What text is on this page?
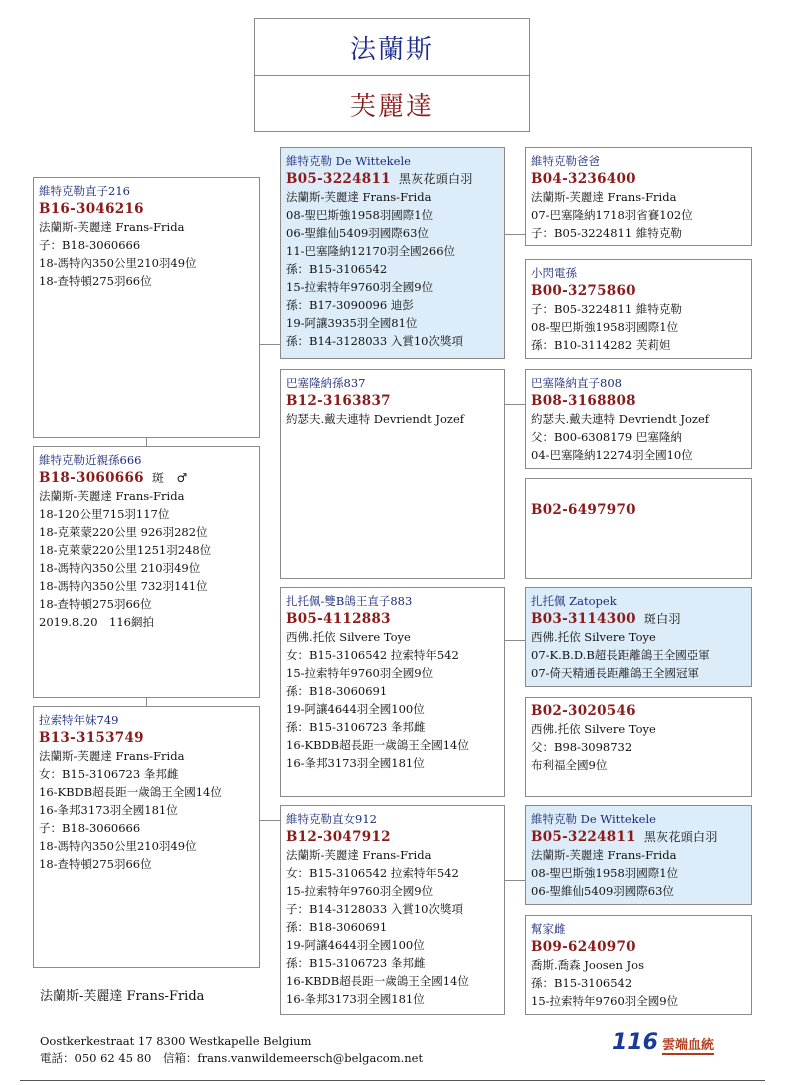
法蘭斯
芙麗達
維特克勒直子216
B16-3046216
法蘭斯-芙麗達 Frans-Frida
子：B18-3060666
18-馮特內350公里210羽49位
18-查特頓275羽66位
維特克勒近親孫666
B18-3060666 斑　♂
法蘭斯-芙麗達 Frans-Frida
18-120公里715羽117位
18-克萊蒙220公里 926羽282位
18-克萊蒙220公里1251羽248位
18-馮特內350公里 210羽49位
18-馮特內350公里 732羽141位
18-查特頓275羽66位
2019.8.20　116網拍
拉索特年妹749
B13-3153749
法蘭斯-芙麗達 Frans-Frida
女：B15-3106723 夆邦雌
16-KBDB超長距一歲鴿王全國14位
16-夆邦3173羽全國181位
子：B18-3060666
18-馮特內350公里210羽49位
18-查特頓275羽66位
維特克勒 De Wittekele
B05-3224811 黑灰花頭白羽
法蘭斯-芙麗達 Frans-Frida
08-聖巴斯強1958羽國際1位
06-聖維仙5409羽國際63位
11-巴塞隆納12170羽全國266位
孫：B15-3106542
15-拉索特年9760羽全國9位
孫：B17-3090096 迪彭
19-阿讓3935羽全國81位
孫：B14-3128033 入賞10次獎項
巴塞隆納孫837
B12-3163837
約瑟夫.戴夫連特 Devriendt Jozef
扎托佩-雙B鴿王直子883
B05-4112883
西佛.托依 Silvere Toye
女：B15-3106542 拉索特年542
15-拉索特年9760羽全國9位
孫：B18-3060691
19-阿讓4644羽全國100位
孫：B15-3106723 夆邦雌
16-KBDB超長距一歲鴿王全國14位
16-夆邦3173羽全國181位
維特克勒直女912
B12-3047912
法蘭斯-芙麗達 Frans-Frida
女：B15-3106542 拉索特年542
15-拉索特年9760羽全國9位
子：B14-3128033 入賞10次獎項
孫：B18-3060691
19-阿讓4644羽全國100位
孫：B15-3106723 夆邦雌
16-KBDB超長距一歲鴿王全國14位
16-夆邦3173羽全國181位
維特克勒爸爸
B04-3236400
法蘭斯-芙麗達 Frans-Frida
07-巴塞隆納1718羽省賽102位
子：B05-3224811 維特克勒
小閃電孫
B00-3275860
子：B05-3224811 維特克勒
08-聖巴斯強1958羽國際1位
孫：B10-3114282 芙莉妲
巴塞隆納直子808
B08-3168808
約瑟夫.戴夫連特 Devriendt Jozef
父：B00-6308179 巴塞隆納
04-巴塞隆納12274羽全國10位
B02-6497970
扎托佩 Zatopek
B03-3114300 斑白羽
西佛.托依 Silvere Toye
07-K.B.D.B超長距離鴿王全國亞軍
07-倚天精通長距離鴿王全國冠軍
B02-3020546
西佛.托依 Silvere Toye
父：B98-3098732
布利福全國9位
維特克勒 De Wittekele
B05-3224811 黑灰花頭白羽
法蘭斯-芙麗達 Frans-Frida
08-聖巴斯強1958羽國際1位
06-聖維仙5409羽國際63位
幫家雌
B09-6240970
喬斯.喬森 Joosen Jos
孫：B15-3106542
15-拉索特年9760羽全國9位
法蘭斯-芙麗達 Frans-Frida
Oostkerkestraat 17 8300 Westkapelle Belgium
電話：050 62 45 80　信箱：frans.vanwildemeersch@belgacom.net
116 雲端血統
